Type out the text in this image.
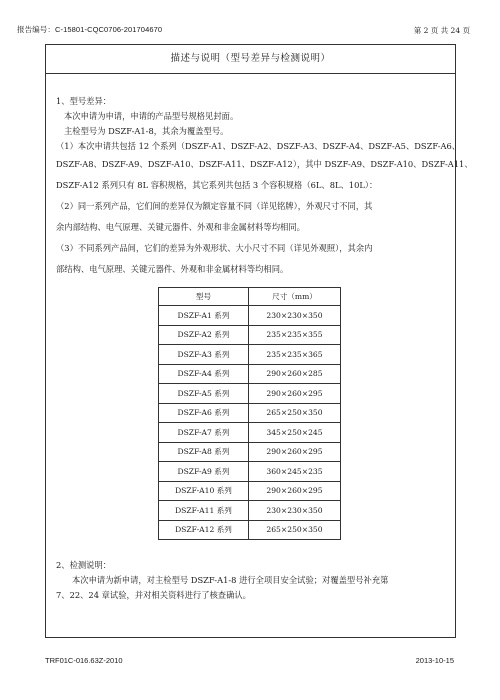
报告编号：C-15801-CQC0706-201704670	第 2 页 共 24 页
描述与说明（型号差异与检测说明）
1、型号差异：
本次申请为申请，申请的产品型号规格见封面。
主检型号为 DSZF-A1-8，其余为覆盖型号。
（1）本次申请共包括 12 个系列（DSZF-A1、DSZF-A2、DSZF-A3、DSZF-A4、DSZF-A5、DSZF-A6、
DSZF-A8、DSZF-A9、DSZF-A10、DSZF-A11、DSZF-A12），其中 DSZF-A9、DSZF-A10、DSZF-A11、
DSZF-A12 系列只有 8L 容积规格，其它系列共包括 3 个容积规格（6L、8L、10L）：
（2）同一系列产品，它们间的差异仅为额定容量不同（详见铭牌），外观尺寸不同，其
余内部结构、电气原理、关键元器件、外观和非金属材料等均相同。
（3）不同系列产品间，它们的差异为外观形状、大小尺寸不同（详见外观照），其余内
部结构、电气原理、关键元器件、外观和非金属材料等均相同。
型号	尺寸（mm）
DSZF-A1 系列	230×230×350
DSZF-A2 系列	235×235×355
DSZF-A3 系列	235×235×365
DSZF-A4 系列	290×260×285
DSZF-A5 系列	290×260×295
DSZF-A6 系列	265×250×350
DSZF-A7 系列	345×250×245
DSZF-A8 系列	290×260×295
DSZF-A9 系列	360×245×235
DSZF-A10 系列	290×260×295
DSZF-A11 系列	230×230×350
DSZF-A12 系列	265×250×350
2、检测说明：
本次申请为新申请，对主检型号 DSZF-A1-8 进行全项目安全试验；对覆盖型号补充第
7、22、24 章试验，并对相关资料进行了核查确认。
TRF01C-016.63Z-2010	2013-10-15
